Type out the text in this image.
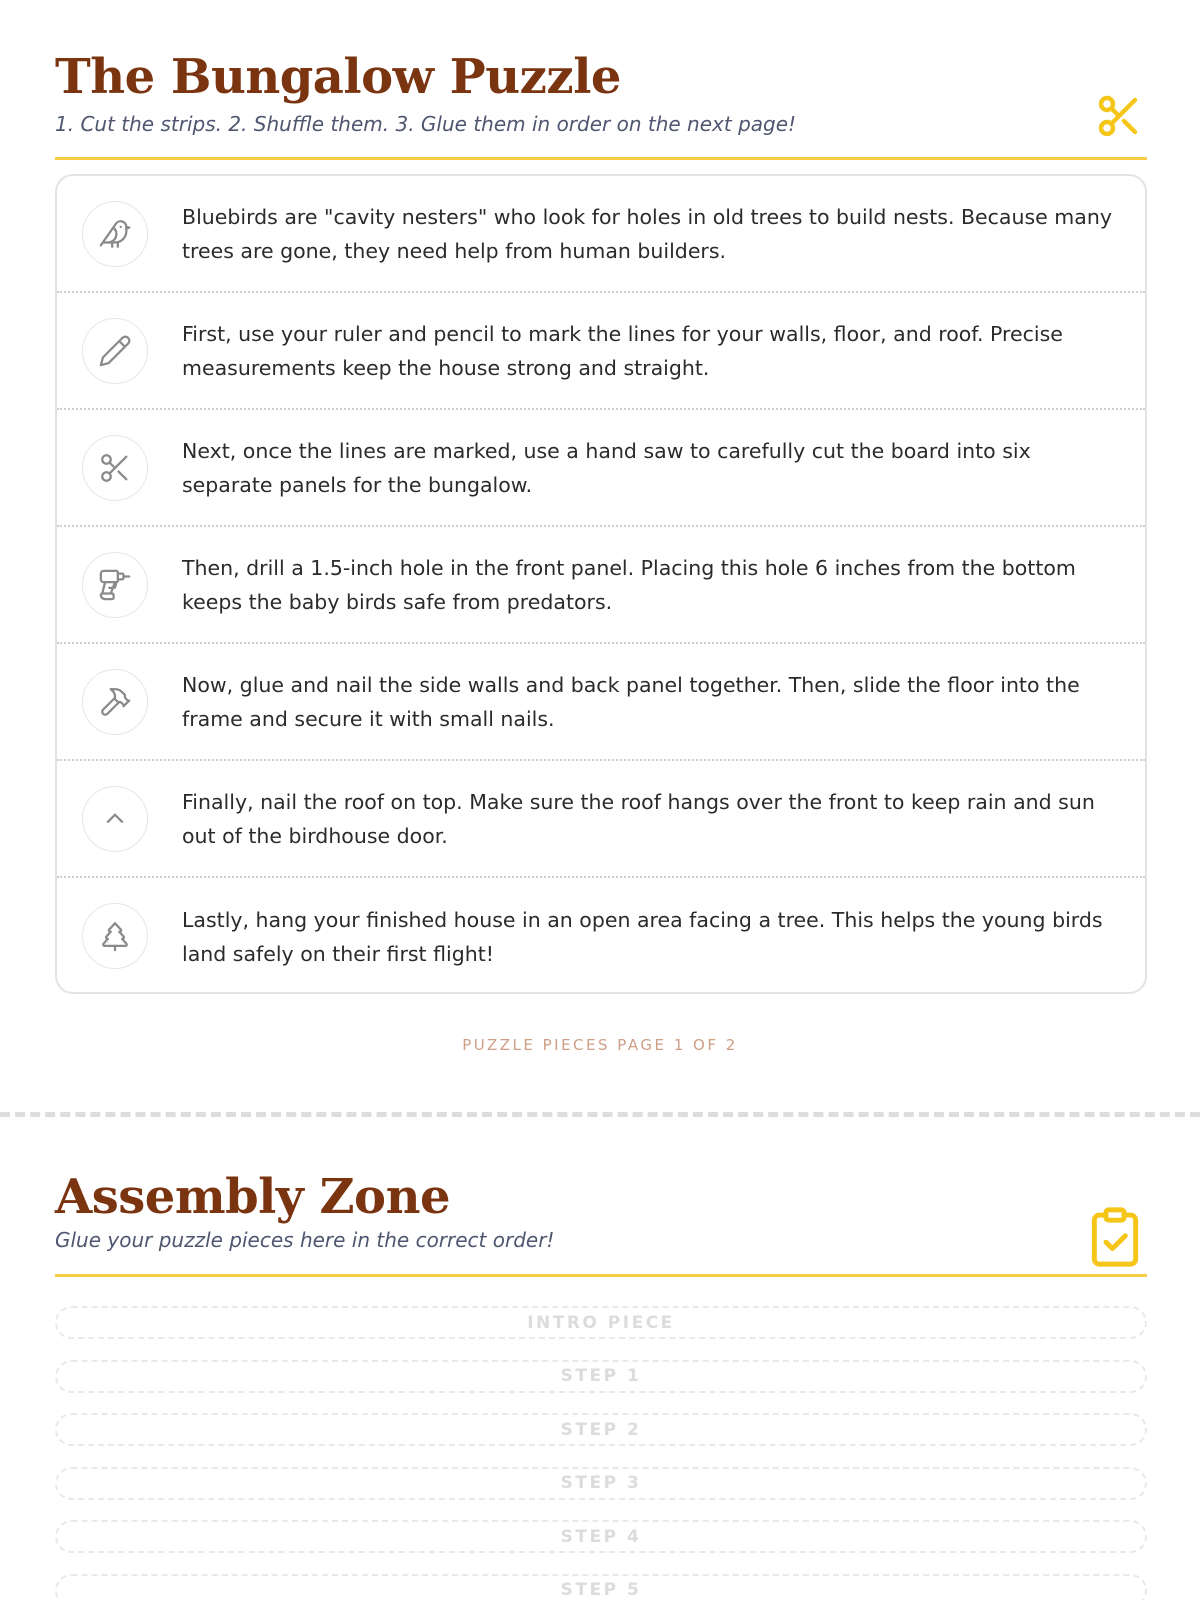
The Bungalow Puzzle

1. Cut the strips. 2. Shuffle them. 3. Glue them in order on the next page!

Bluebirds are "cavity nesters" who look for holes in old trees to build nests. Because many trees are gone, they need help from human builders.
First, use your ruler and pencil to mark the lines for your walls, floor, and roof. Precise measurements keep the house strong and straight.
Next, once the lines are marked, use a hand saw to carefully cut the board into six separate panels for the bungalow.
Then, drill a 1.5-inch hole in the front panel. Placing this hole 6 inches from the bottom keeps the baby birds safe from predators.
Now, glue and nail the side walls and back panel together. Then, slide the floor into the frame and secure it with small nails.
Finally, nail the roof on top. Make sure the roof hangs over the front to keep rain and sun out of the birdhouse door.
Lastly, hang your finished house in an open area facing a tree. This helps the young birds land safely on their first flight!
PUZZLE PIECES PAGE 1 OF 2
Assembly Zone

Glue your puzzle pieces here in the correct order!

INTRO PIECE
STEP 1
STEP 2
STEP 3
STEP 4
STEP 5
